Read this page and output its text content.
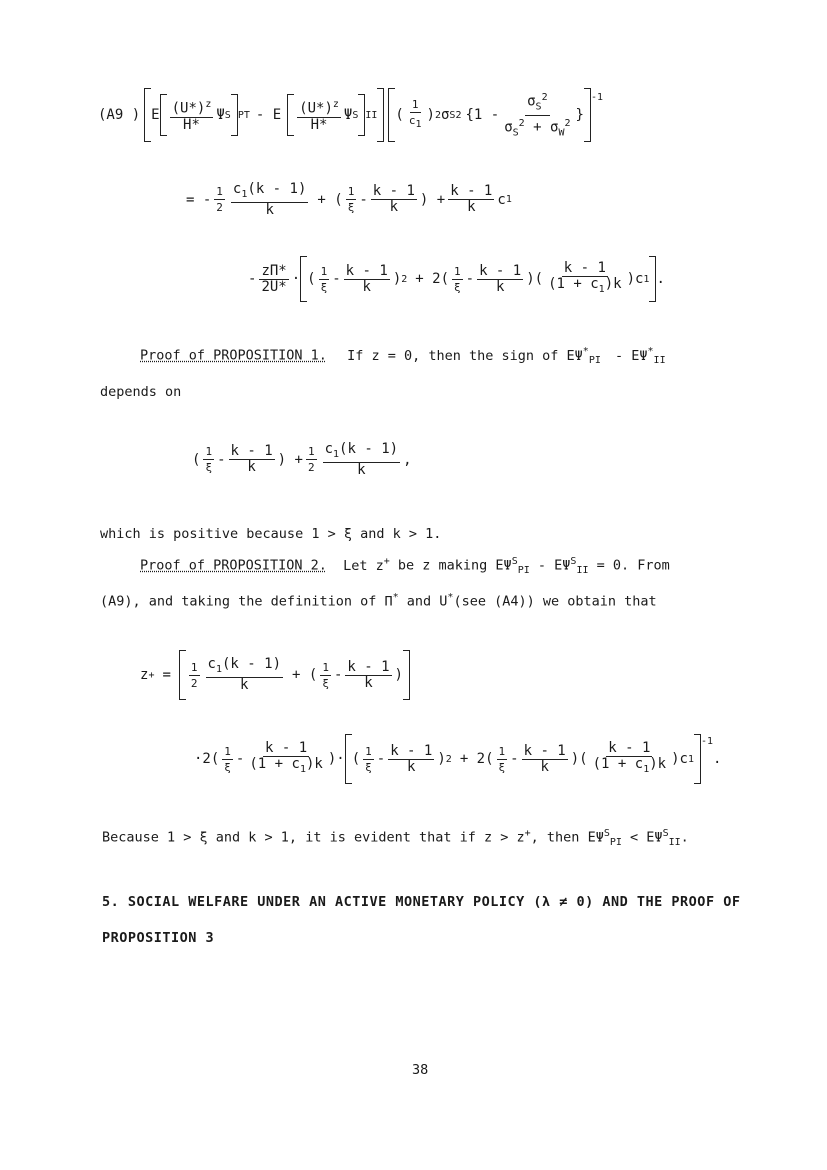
(A9 ) E $\frac{(U*)^z}{H*}$ Ψ S PT - E $\frac{(U*)^z}{H*}$ Ψ S II ( $\frac{1}{c_1}$ ) 2 σ S 2 {$1 - \frac{\sigma_S^2}{\sigma_S^2 + \sigma_W^2}$ }
$^{-1}$
= - $\frac{1}{2} \frac{c_1(k - 1)}{k}$ + ( $\frac{1}{\xi} - \frac{k - 1}{k}$ ) + $\frac{k - 1}{k}$ c 1
- $\frac{z\Pi*}{2U*}$ · ( $\frac{1}{\xi} - \frac{k - 1}{k}$ ) $2 + 2( \frac{1}{\xi} - \frac{k - 1}{k}$ )( $\frac{k - 1}{(1 + c_1)k} )c$ 1 .
Proof of PROPOSITION 1. If z = 0, then the sign of $E\Psi^*_{PI} - E\Psi^*_{II}$
depends on
( $\frac{1}{\xi} - \frac{k - 1}{k}$ ) + $\frac{1}{2} \frac{c_1(k - 1)}{k}$ ,
which is positive because 1 > ξ and k > 1.
Proof of PROPOSITION 2. Let z+ be z making $E\Psi^S_{PI} - E\Psi^S_{II} = 0$. From
(A9), and taking the definition of Π* and U*(see (A4)) we obtain that
z + = $\frac{1}{2} \frac{c_1(k - 1)}{k}$ + ( $\frac{1}{\xi} - \frac{k - 1}{k}$ )
$\cdot 2( \frac{1}{\xi} - \frac{k - 1}{(1 + c_1)k}$ )· ( $\frac{1}{\xi} - \frac{k - 1}{k}$ ) $2 + 2( \frac{1}{\xi} - \frac{k - 1}{k}$ )( $\frac{k - 1}{(1 + c_1)k} )c$ 1
$^{-1}$
.
Because 1 > ξ and k > 1, it is evident that if z > z+, then $E\Psi^S_{PI} < E\Psi^S_{II}$.
5. SOCIAL WELFARE UNDER AN ACTIVE MONETARY POLICY (λ ≠ 0) AND THE PROOF OF
PROPOSITION 3
38
